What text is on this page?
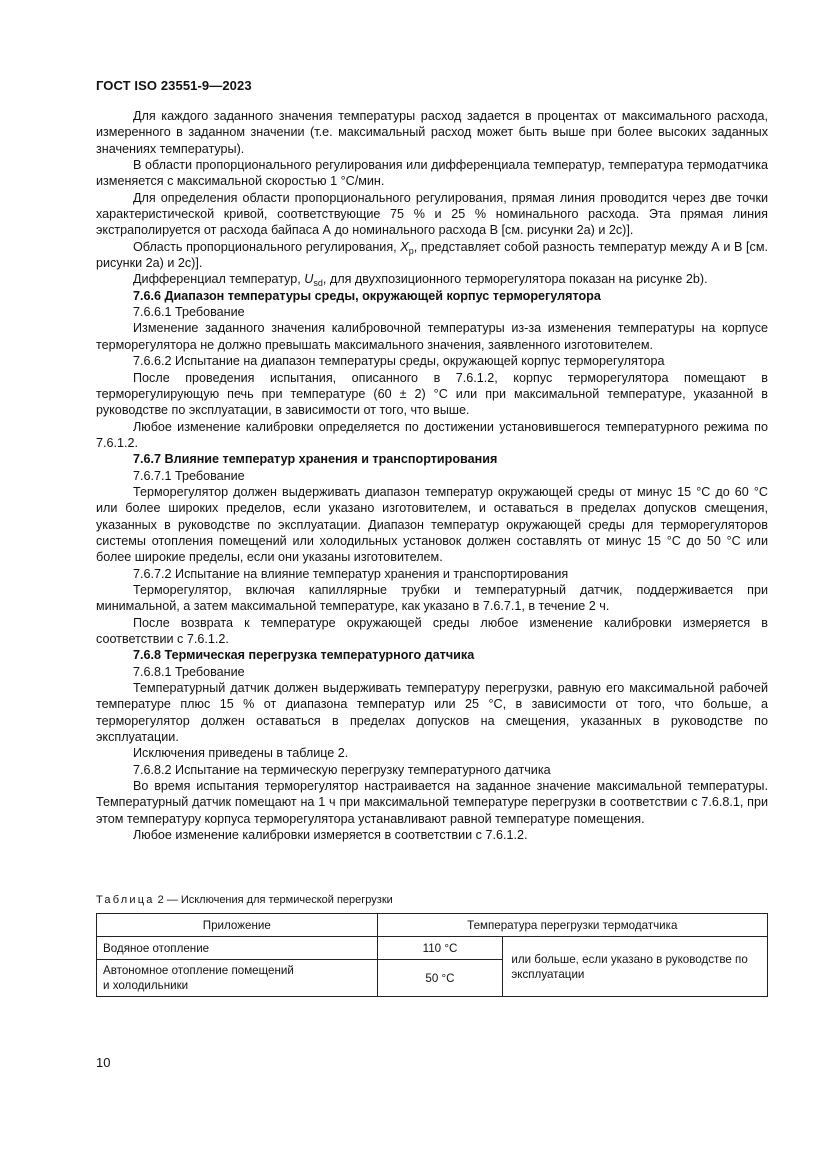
ГОСТ ISO 23551-9—2023

Для каждого заданного значения температуры расход задается в процентах от максимального расхода, измеренного в заданном значении (т.е. максимальный расход может быть выше при более высоких заданных значениях температуры).

В области пропорционального регулирования или дифференциала температур, температура термодатчика изменяется с максимальной скоростью 1 °С/мин.

Для определения области пропорционального регулирования, прямая линия проводится через две точки характеристической кривой, соответствующие 75 % и 25 % номинального расхода. Эта прямая линия экстраполируется от расхода байпаса А до номинального расхода В [см. рисунки 2a) и 2c)].

Область пропорционального регулирования, $X_p$, представляет собой разность температур между А и В [см. рисунки 2a) и 2c)].

Дифференциал температур, $U_{sd}$, для двухпозиционного терморегулятора показан на рисунке 2b).

7.6.6 Диапазон температуры среды, окружающей корпус терморегулятора

7.6.6.1 Требование

Изменение заданного значения калибровочной температуры из-за изменения температуры на корпусе терморегулятора не должно превышать максимального значения, заявленного изготовителем.

7.6.6.2 Испытание на диапазон температуры среды, окружающей корпус терморегулятора

После проведения испытания, описанного в 7.6.1.2, корпус терморегулятора помещают в терморегулирующую печь при температуре (60 ± 2) °С или при максимальной температуре, указанной в руководстве по эксплуатации, в зависимости от того, что выше.

Любое изменение калибровки определяется по достижении установившегося температурного режима по 7.6.1.2.

7.6.7 Влияние температур хранения и транспортирования

7.6.7.1 Требование

Терморегулятор должен выдерживать диапазон температур окружающей среды от минус 15 °С до 60 °С или более широких пределов, если указано изготовителем, и оставаться в пределах допусков смещения, указанных в руководстве по эксплуатации. Диапазон температур окружающей среды для терморегуляторов системы отопления помещений или холодильных установок должен составлять от минус 15 °С до 50 °С или более широкие пределы, если они указаны изготовителем.

7.6.7.2 Испытание на влияние температур хранения и транспортирования

Терморегулятор, включая капиллярные трубки и температурный датчик, поддерживается при минимальной, а затем максимальной температуре, как указано в 7.6.7.1, в течение 2 ч.

После возврата к температуре окружающей среды любое изменение калибровки измеряется в соответствии с 7.6.1.2.

7.6.8 Термическая перегрузка температурного датчика

7.6.8.1 Требование

Температурный датчик должен выдерживать температуру перегрузки, равную его максимальной рабочей температуре плюс 15 % от диапазона температур или 25 °С, в зависимости от того, что больше, а терморегулятор должен оставаться в пределах допусков на смещения, указанных в руководстве по эксплуатации.

Исключения приведены в таблице 2.

7.6.8.2 Испытание на термическую перегрузку температурного датчика

Во время испытания терморегулятор настраивается на заданное значение максимальной температуры. Температурный датчик помещают на 1 ч при максимальной температуре перегрузки в соответствии с 7.6.8.1, при этом температуру корпуса терморегулятора устанавливают равной температуре помещения.

Любое изменение калибровки измеряется в соответствии с 7.6.1.2.

Таблица 2 — Исключения для термической перегрузки
Приложение	Температура перегрузки термодатчика	
Водяное отопление	110 °С	или больше, если указано в руководстве по эксплуатации
Автономное отопление помещений
и холодильники	50 °С	
10
